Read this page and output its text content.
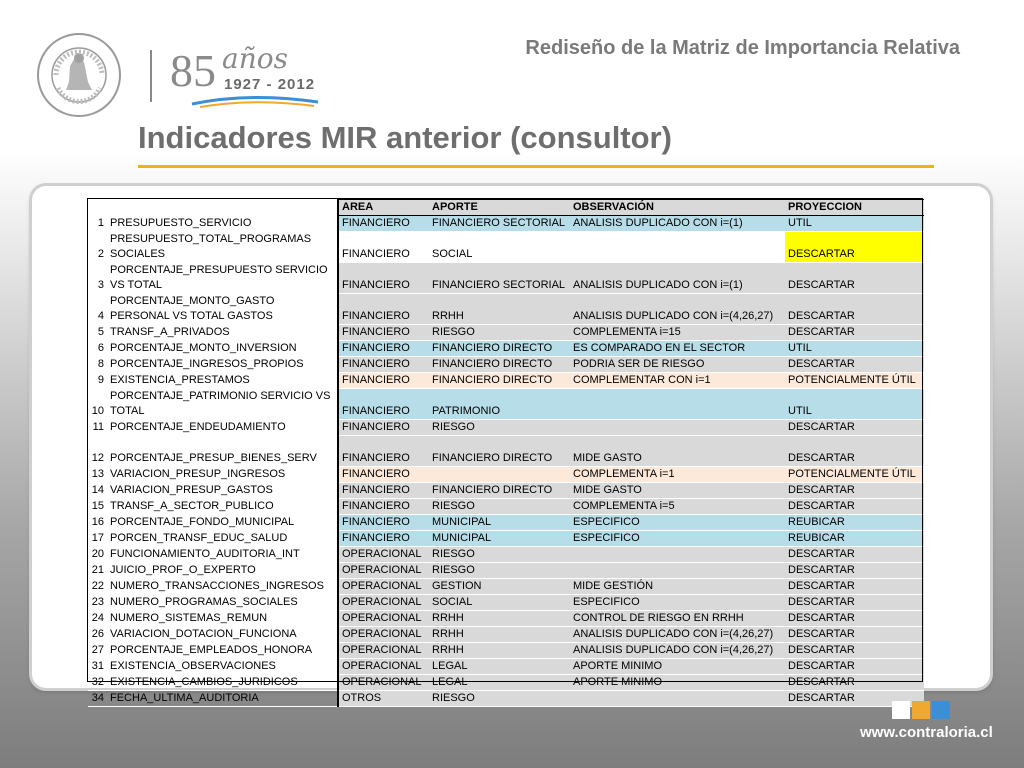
85 años
1927 - 2012
Rediseño de la Matriz de Importancia Relativa
Indicadores MIR anterior (consultor)
		AREA	APORTE	OBSERVACIÓN	PROYECCION
1	PRESUPUESTO_SERVICIO	FINANCIERO	FINANCIERO SECTORIAL	ANALISIS DUPLICADO CON i=(1)	UTIL
2	PRESUPUESTO_TOTAL_PROGRAMAS SOCIALES	FINANCIERO	SOCIAL		DESCARTAR
3	PORCENTAJE_PRESUPUESTO SERVICIO VS TOTAL	FINANCIERO	FINANCIERO SECTORIAL	ANALISIS DUPLICADO CON i=(1)	DESCARTAR
4	PORCENTAJE_MONTO_GASTO PERSONAL VS TOTAL GASTOS	FINANCIERO	RRHH	ANALISIS DUPLICADO CON i=(4,26,27)	DESCARTAR
5	TRANSF_A_PRIVADOS	FINANCIERO	RIESGO	COMPLEMENTA i=15	DESCARTAR
6	PORCENTAJE_MONTO_INVERSION	FINANCIERO	FINANCIERO DIRECTO	ES COMPARADO EN EL SECTOR	UTIL
8	PORCENTAJE_INGRESOS_PROPIOS	FINANCIERO	FINANCIERO DIRECTO	PODRIA SER DE RIESGO	DESCARTAR
9	EXISTENCIA_PRESTAMOS	FINANCIERO	FINANCIERO DIRECTO	COMPLEMENTAR CON i=1	POTENCIALMENTE ÚTIL
10	PORCENTAJE_PATRIMONIO SERVICIO VS TOTAL	FINANCIERO	PATRIMONIO		UTIL
11	PORCENTAJE_ENDEUDAMIENTO	FINANCIERO	RIESGO		DESCARTAR
12	PORCENTAJE_PRESUP_BIENES_SERV	FINANCIERO	FINANCIERO DIRECTO	MIDE GASTO	DESCARTAR
13	VARIACION_PRESUP_INGRESOS	FINANCIERO		COMPLEMENTA i=1	POTENCIALMENTE ÚTIL
14	VARIACION_PRESUP_GASTOS	FINANCIERO	FINANCIERO DIRECTO	MIDE GASTO	DESCARTAR
15	TRANSF_A_SECTOR_PUBLICO	FINANCIERO	RIESGO	COMPLEMENTA i=5	DESCARTAR
16	PORCENTAJE_FONDO_MUNICIPAL	FINANCIERO	MUNICIPAL	ESPECIFICO	REUBICAR
17	PORCEN_TRANSF_EDUC_SALUD	FINANCIERO	MUNICIPAL	ESPECIFICO	REUBICAR
20	FUNCIONAMIENTO_AUDITORIA_INT	OPERACIONAL	RIESGO		DESCARTAR
21	JUICIO_PROF_O_EXPERTO	OPERACIONAL	RIESGO		DESCARTAR
22	NUMERO_TRANSACCIONES_INGRESOS	OPERACIONAL	GESTION	MIDE GESTIÓN	DESCARTAR
23	NUMERO_PROGRAMAS_SOCIALES	OPERACIONAL	SOCIAL	ESPECIFICO	DESCARTAR
24	NUMERO_SISTEMAS_REMUN	OPERACIONAL	RRHH	CONTROL DE RIESGO EN RRHH	DESCARTAR
26	VARIACION_DOTACION_FUNCIONA	OPERACIONAL	RRHH	ANALISIS DUPLICADO CON i=(4,26,27)	DESCARTAR
27	PORCENTAJE_EMPLEADOS_HONORA	OPERACIONAL	RRHH	ANALISIS DUPLICADO CON i=(4,26,27)	DESCARTAR
31	EXISTENCIA_OBSERVACIONES	OPERACIONAL	LEGAL	APORTE MINIMO	DESCARTAR
32	EXISTENCIA_CAMBIOS_JURIDICOS	OPERACIONAL	LEGAL	APORTE MINIMO	DESCARTAR
34	FECHA_ULTIMA_AUDITORIA	OTROS	RIESGO		DESCARTAR
www.contraloria.cl
